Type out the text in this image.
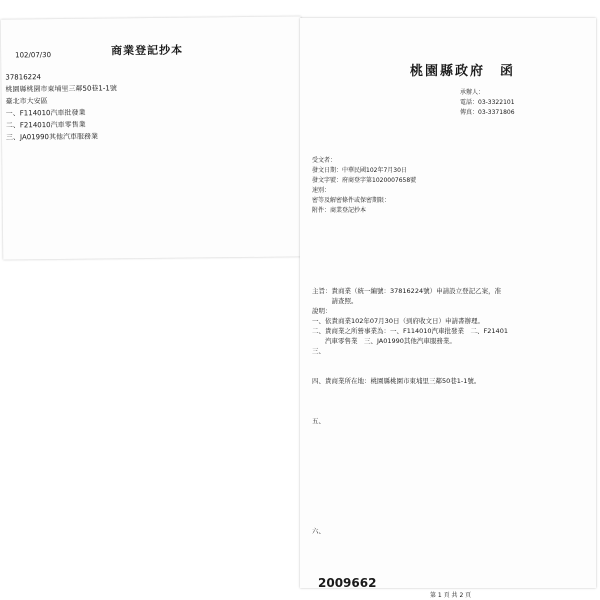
102/07/30	商業登記抄本
37816224
桃園縣桃園市東埔里三鄰50巷1-1號
臺北市大安區
一、F114010汽車批發業
二、F214010汽車零售業
三、JA01990其他汽車服務業
桃園縣政府　函
承辦人：
電話：03-3322101
傳真：03-3371806
受文者：
發文日期：中華民國102年7月30日
發文字號：府商登字第1020007658號
速別：
密等及解密條件或保密期限：
附件：商業登記抄本
主旨：貴商業（統一編號：37816224號）申請設立登記乙案，准
　　　請查照。
說明：
一、依貴商業102年07月30日（到府收文日）申請書辦理。
二、貴商業之所營事業為：一、F114010汽車批發業　二、F21401
　　汽車零售業　三、JA01990其他汽車服務業。
三、

四、貴商業所在地：桃園縣桃園市東埔里三鄰50巷1-1號。

五、

六、

2009662
第 1 頁 共 2 頁
